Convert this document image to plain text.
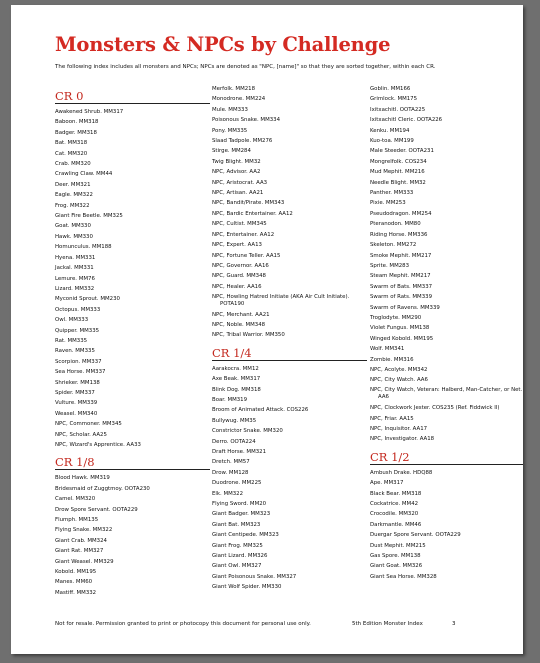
Monsters & NPCs by Challenge
The following index includes all monsters and NPCs; NPCs are denoted as "NPC, [name]" so that they are sorted together, within each CR.
CR 0
Awakened Shrub. MM317
Baboon. MM318
Badger. MM318
Bat. MM318
Cat. MM320
Crab. MM320
Crawling Claw. MM44
Deer. MM321
Eagle. MM322
Frog. MM322
Giant Fire Beetle. MM325
Goat. MM330
Hawk. MM330
Homunculus. MM188
Hyena. MM331
Jackal. MM331
Lemure. MM76
Lizard. MM332
Myconid Sprout. MM230
Octopus. MM333
Owl. MM333
Quipper. MM335
Rat. MM335
Raven. MM335
Scorpion. MM337
Sea Horse. MM337
Shrieker. MM138
Spider. MM337
Vulture. MM339
Weasel. MM340
NPC, Commoner. MM345
NPC, Scholar. AA25
NPC, Wizard's Apprentice. AA33
CR 1/8
Blood Hawk. MM319
Bridesmaid of Zuggtmoy. OOTA230
Camel. MM320
Drow Spore Servant. OOTA229
Flumph. MM135
Flying Snake. MM322
Giant Crab. MM324
Giant Rat. MM327
Giant Weasel. MM329
Kobold. MM195
Manes. MM60
Mastiff. MM332
Merfolk. MM218
Monodrone. MM224
Mule. MM333
Poisonous Snake. MM334
Pony. MM335
Slaad Tadpole. MM276
Stirge. MM284
Twig Blight. MM32
NPC, Advisor. AA2
NPC, Aristocrat. AA3
NPC, Artisan. AA21
NPC, Bandit/Pirate. MM343
NPC, Bardic Entertainer. AA12
NPC, Cultist. MM345
NPC, Entertainer. AA12
NPC, Expert. AA13
NPC, Fortune Teller. AA15
NPC, Governor. AA16
NPC, Guard. MM348
NPC, Healer. AA16
NPC, Howling Hatred Initiate (AKA Air Cult Initiate). POTA190
NPC, Merchant. AA21
NPC, Noble. MM348
NPC, Tribal Warrior. MM350
CR 1/4
Aarakocra. MM12
Axe Beak. MM317
Blink Dog. MM318
Boar. MM319
Broom of Animated Attack. COS226
Bullywug. MM35
Constrictor Snake. MM320
Derro. OOTA224
Draft Horse. MM321
Dretch. MM57
Drow. MM128
Duodrone. MM225
Elk. MM322
Flying Sword. MM20
Giant Badger. MM323
Giant Bat. MM323
Giant Centipede. MM323
Giant Frog. MM325
Giant Lizard. MM326
Giant Owl. MM327
Giant Poisonous Snake. MM327
Giant Wolf Spider. MM330
Goblin. MM166
Grimlock. MM175
Ixitxachitl. OOTA225
Ixitxachitl Cleric. OOTA226
Kenku. MM194
Kuo-toa. MM199
Male Steeder. OOTA231
Mongrelfolk. COS234
Mud Mephit. MM216
Needle Blight. MM32
Panther. MM333
Pixie. MM253
Pseudodragon. MM254
Pteranodon. MM80
Riding Horse. MM336
Skeleton. MM272
Smoke Mephit. MM217
Sprite. MM283
Steam Mephit. MM217
Swarm of Bats. MM337
Swarm of Rats. MM339
Swarm of Ravens. MM339
Troglodyte. MM290
Violet Fungus. MM138
Winged Kobold. MM195
Wolf. MM341
Zombie. MM316
NPC, Acolyte. MM342
NPC, City Watch. AA6
NPC, City Watch, Veteran: Halberd, Man-Catcher, or Net. AA6
NPC, Clockwork Jester. COS235 (Ref. Fiddwick II)
NPC, Friar. AA15
NPC, Inquisitor. AA17
NPC, Investigator. AA18
CR 1/2
Ambush Drake. HDQ88
Ape. MM317
Black Bear. MM318
Cockatrice. MM42
Crocodile. MM320
Darkmantle. MM46
Duergar Spore Servant. OOTA229
Dust Mephit. MM215
Gas Spore. MM138
Giant Goat. MM326
Giant Sea Horse. MM328
Not for resale. Permission granted to print or photocopy this document for personal use only.	5th Edition Monster Index	3
